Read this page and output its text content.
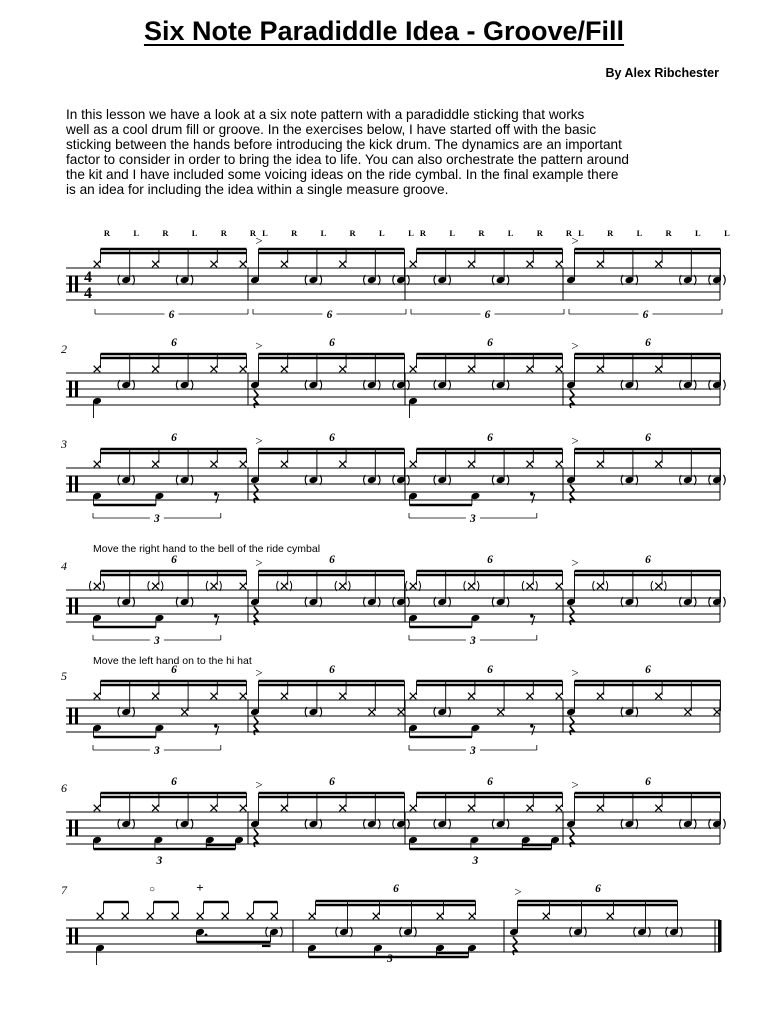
Six Note Paradiddle Idea - Groove/Fill
By Alex Ribchester
In this lesson we have a look at a six note pattern with a paradiddle sticking that works
well as a cool drum fill or groove. In the exercises below, I have started off with the basic
sticking between the hands before introducing the kick drum. The dynamics are an important
factor to consider in order to bring the idea to life. You can also orchestrate the pattern around
the kit and I have included some voicing ideas on the ride cymbal. In the final example there
is an idea for including the idea within a single measure groove.
Move the right hand to the bell of the ride cymbal
Move the left hand on to the hi hat
4
4
R	L	R	L	R	R L	R	L	R	L	L R	L	R	L	R	R L	R	L	R	L	L
6
>
6	6
>
6
2	6	>	6	6	>	6
3	6	>	6	6	>	6
3	3
4	6	>	6	6	>	6
3	3
5	6	>	6	6	>	6
3	3
6	6	>	6	6	>	6
3	3
7	○	+	6	6
>
3
